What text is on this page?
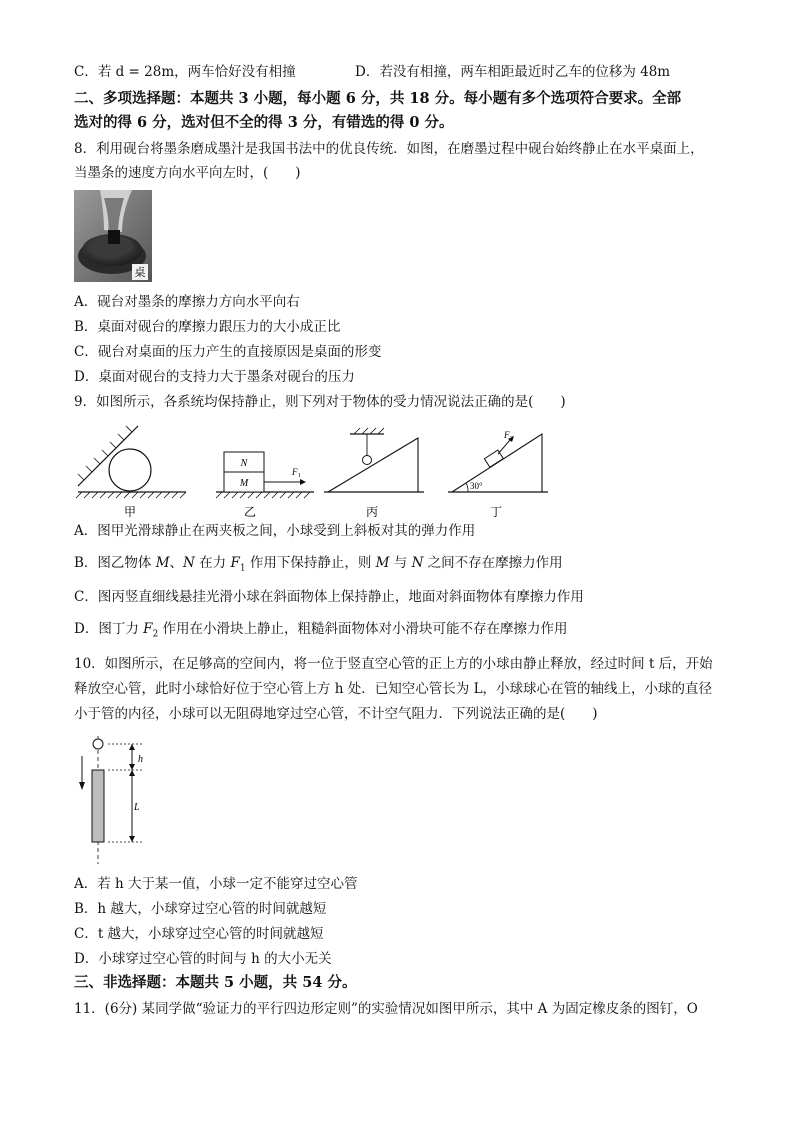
C．若 d = 28m，两车恰好没有相撞	D．若没有相撞，两车相距最近时乙车的位移为 48m
二、多项选择题：本题共 3 小题，每小题 6 分，共 18 分。每小题有多个选项符合要求。全部
选对的得 6 分，选对但不全的得 3 分，有错选的得 0 分。
8．利用砚台将墨条磨成墨汁是我国书法中的优良传统．如图，在磨墨过程中砚台始终静止在水平桌面上，
当墨条的速度方向水平向左时，(　　)
桌
A．砚台对墨条的摩擦力方向水平向右
B．桌面对砚台的摩擦力跟压力的大小成正比
C．砚台对桌面的压力产生的直接原因是桌面的形变
D．桌面对砚台的支持力大于墨条对砚台的压力
9．如图所示，各系统均保持静止，则下列对于物体的受力情况说法正确的是(　　)
甲
N
M
F 1
乙	丙
F 2
30°
丁
A．图甲光滑球静止在两夹板之间，小球受到上斜板对其的弹力作用
B．图乙物体 M、N 在力 $F_1$ 作用下保持静止，则 M 与 N 之间不存在摩擦力作用
C．图丙竖直细线悬挂光滑小球在斜面物体上保持静止，地面对斜面物体有摩擦力作用
D．图丁力 $F_2$ 作用在小滑块上静止，粗糙斜面物体对小滑块可能不存在摩擦力作用
10．如图所示，在足够高的空间内，将一位于竖直空心管的正上方的小球由静止释放，经过时间 t 后，开始
释放空心管，此时小球恰好位于空心管上方 h 处．已知空心管长为 L，小球球心在管的轴线上，小球的直径
小于管的内径，小球可以无阻碍地穿过空心管，不计空气阻力．下列说法正确的是(　　)
h
L
A．若 h 大于某一值，小球一定不能穿过空心管
B．h 越大，小球穿过空心管的时间就越短
C．t 越大，小球穿过空心管的时间就越短
D．小球穿过空心管的时间与 h 的大小无关
三、非选择题：本题共 5 小题，共 54 分。
11．(6分) 某同学做“验证力的平行四边形定则”的实验情况如图甲所示，其中 A 为固定橡皮条的图钉，O
